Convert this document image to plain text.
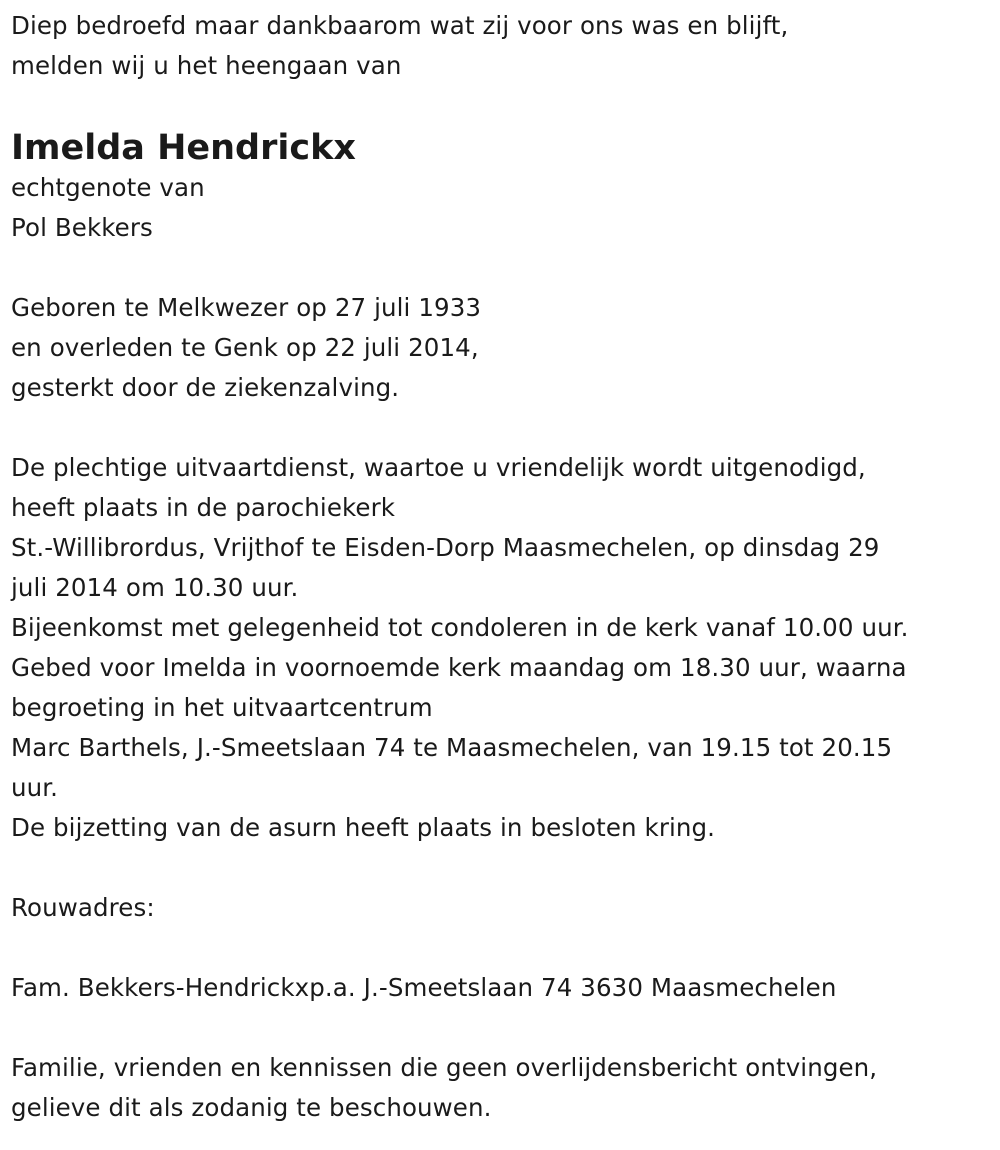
Diep bedroefd maar dankbaarom wat zij voor ons was en blijft,
melden wij u het heengaan van
Imelda Hendrickx
echtgenote van
Pol Bekkers
Geboren te Melkwezer op 27 juli 1933
en overleden te Genk op 22 juli 2014,
gesterkt door de ziekenzalving.
De plechtige uitvaartdienst, waartoe u vriendelijk wordt uitgenodigd,
heeft plaats in de parochiekerk
St.-Willibrordus, Vrijthof te Eisden-Dorp Maasmechelen, op dinsdag 29
juli 2014 om 10.30 uur.
Bijeenkomst met gelegenheid tot condoleren in de kerk vanaf 10.00 uur.
Gebed voor Imelda in voornoemde kerk maandag om 18.30 uur, waarna
begroeting in het uitvaartcentrum
Marc Barthels, J.-Smeetslaan 74 te Maasmechelen, van 19.15 tot 20.15
uur.
De bijzetting van de asurn heeft plaats in besloten kring.
Rouwadres:
Fam. Bekkers-Hendrickxp.a. J.-Smeetslaan 74 3630 Maasmechelen
Familie, vrienden en kennissen die geen overlijdensbericht ontvingen,
gelieve dit als zodanig te beschouwen.
